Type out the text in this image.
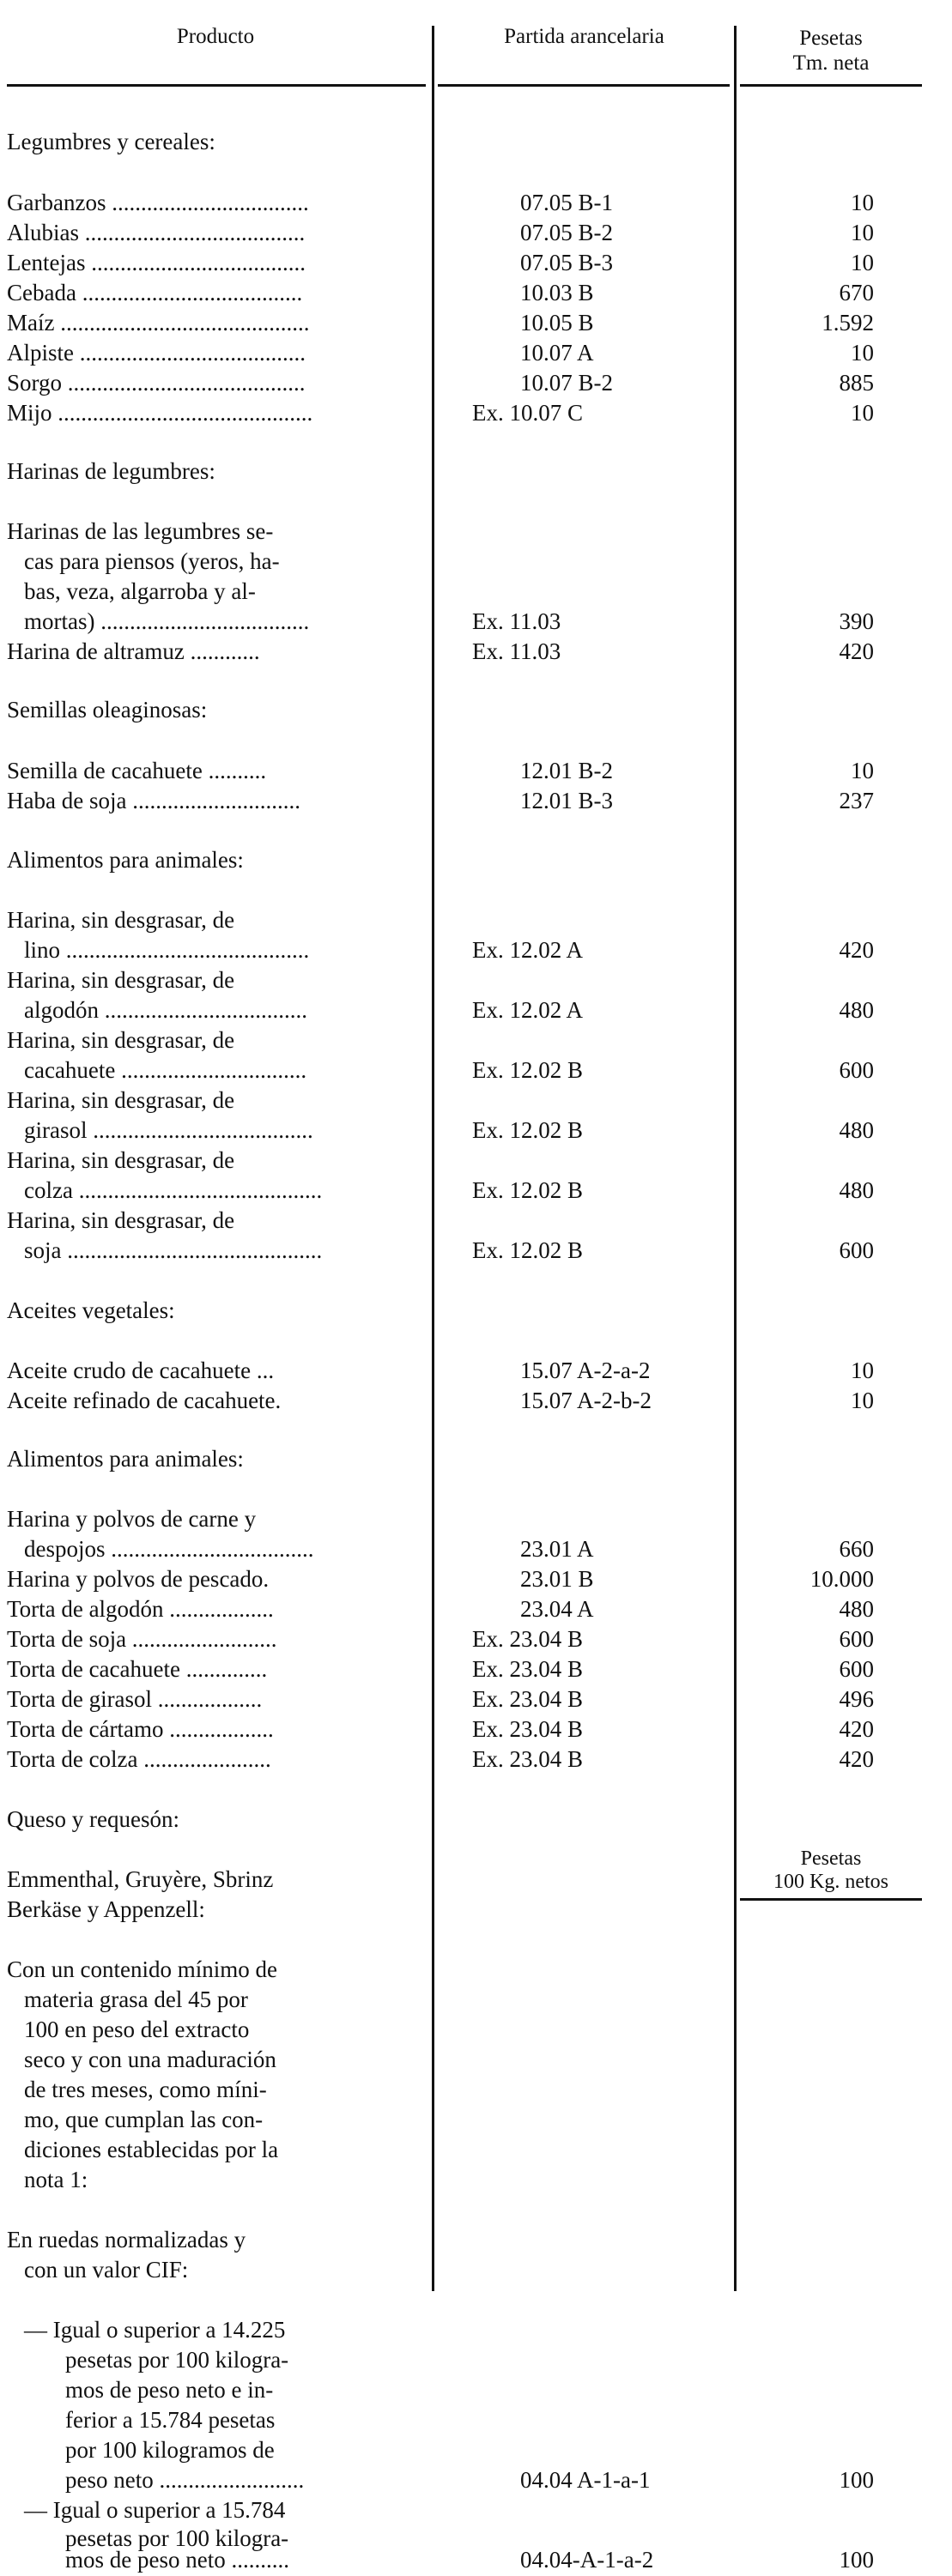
Producto	Partida arancelaria	Pesetas
Tm. neta
Legumbres y cereales:
Garbanzos ..................................	07.05 B-1	10
Alubias ......................................	07.05 B-2	10
Lentejas .....................................	07.05 B-3	10
Cebada ......................................	10.03 B	670
Maíz ...........................................	10.05 B	1.592
Alpiste .......................................	10.07 A	10
Sorgo .........................................	10.07 B-2	885
Mijo ............................................	Ex. 10.07 C	10
Harinas de legumbres:
Harinas de las legumbres se-
cas para piensos (yeros, ha-
bas, veza, algarroba y al-
mortas) ....................................	Ex. 11.03	390
Harina de altramuz ............	Ex. 11.03	420
Semillas oleaginosas:
Semilla de cacahuete ..........	12.01 B-2	10
Haba de soja .............................	12.01 B-3	237
Alimentos para animales:
Harina, sin desgrasar, de
lino ..........................................	Ex. 12.02 A	420
Harina, sin desgrasar, de
algodón ...................................	Ex. 12.02 A	480
Harina, sin desgrasar, de
cacahuete ................................	Ex. 12.02 B	600
Harina, sin desgrasar, de
girasol ......................................	Ex. 12.02 B	480
Harina, sin desgrasar, de
colza ..........................................	Ex. 12.02 B	480
Harina, sin desgrasar, de
soja ............................................	Ex. 12.02 B	600
Aceites vegetales:
Aceite crudo de cacahuete ...	15.07 A-2-a-2	10
Aceite refinado de cacahuete.	15.07 A-2-b-2	10
Alimentos para animales:
Harina y polvos de carne y
despojos ...................................	23.01 A	660
Harina y polvos de pescado.	23.01 B	10.000
Torta de algodón ..................	23.04 A	480
Torta de soja .........................	Ex. 23.04 B	600
Torta de cacahuete ..............	Ex. 23.04 B	600
Torta de girasol ..................	Ex. 23.04 B	496
Torta de cártamo ..................	Ex. 23.04 B	420
Torta de colza ......................	Ex. 23.04 B	420
Queso y requesón:
Pesetas
100 Kg. netos
Emmenthal, Gruyère, Sbrinz
Berkäse y Appenzell:
Con un contenido mínimo de
materia grasa del 45 por
100 en peso del extracto
seco y con una maduración
de tres meses, como míni-
mo, que cumplan las con-
diciones establecidas por la
nota 1:
En ruedas normalizadas y
con un valor CIF:
— Igual o superior a 14.225
pesetas por 100 kilogra-
mos de peso neto e in-
ferior a 15.784 pesetas
por 100 kilogramos de
peso neto .........................	04.04 A-1-a-1	100
— Igual o superior a 15.784
pesetas por 100 kilogra-
mos de peso neto ..........	04.04-A-1-a-2	100
